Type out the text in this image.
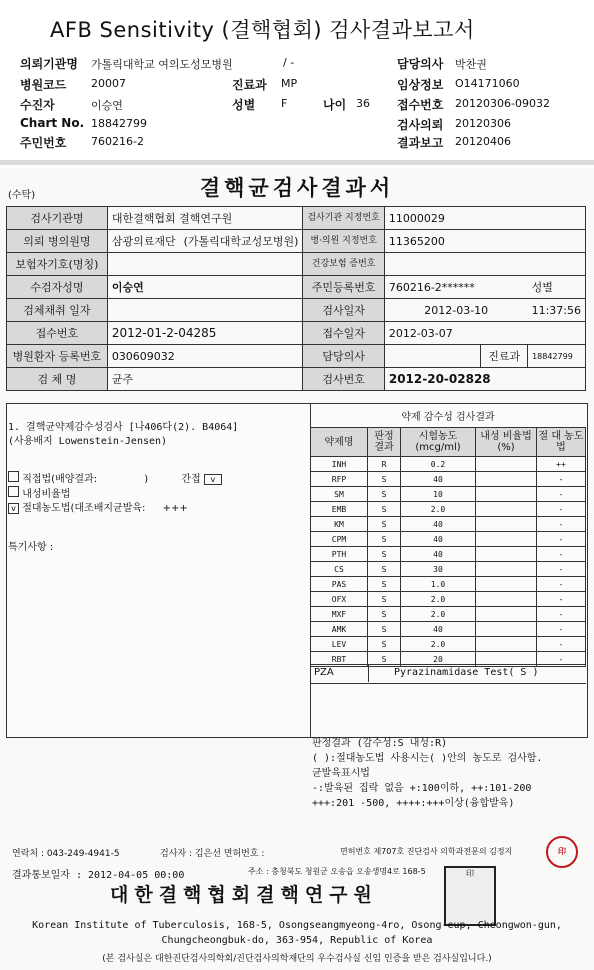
AFB Sensitivity (결핵협회) 검사결과보고서
의뢰기관명 가톨릭대학교 여의도성모병원	/ -	담당의사 박찬권
병원코드 20007	진료과 MP	임상정보 O14171060
수진자	이승연	성별 F	나이 36 접수번호 20120306-09032
Chart No. 18842799	검사의뢰 20120306
주민번호 760216-2	결과보고 20120406
(수탁)	결핵균검사결과서
검사기관명	대한결핵협회 결핵연구원		검사기관 지정번호	11000029		
의뢰 병의원명	삼광의료재단	(가톨릭대학교성모병원)	병·의원 지정번호	11365200		
보험자기호(명칭)			건강보험 증번호			
수검자성명	이승연		주민등록번호	760216-2******		성별
검체채취 일자			검사일자	2012-03-10		11:37:56
접수번호	2012-01-2-04285		접수일자	2012-03-07		
병원환자 등록번호	030609032		담당의사		진료과	18842799
검 체 명	균주		검사번호	2012-20-02828		
1. 결핵균약제감수성검사 [나406다(2). B4064]
(사용배지 Lowenstein-Jensen)
직접법(배양결과:	)	간접 v
내성비율법
v 절대농도법(대조배지균발육: +++
특기사항 :
약제 감수성 검사결과
약제명	판정 결과	시험농도 (mcg/ml)	내성 비율법(%)	절 대 농도법
INH	R	0.2		++
RFP	S	40		-
SM	S	10		-
EMB	S	2.0		-
KM	S	40		-
CPM	S	40		-
PTH	S	40		-
CS	S	30		-
PAS	S	1.0		-
OFX	S	2.0		-
MXF	S	2.0		-
AMK	S	40		-
LEV	S	2.0		-
RBT	S	20		-
PZA	Pyrazinamidase Test( S )
판정결과 (감수성:S 내성:R)
( ):절대농도법 사용시는( )안의 농도로 검사함.
균발육표시법
-:발육된 집락 없음 +:100이하, ++:101-200
+++:201 -500, ++++:+++이상(융합발육)
연락처 : 043-249-4941-5	검사자 : 김은선 면허번호 :	면허번호 제707호 진단검사 의학과전문의 김정지	印
결과통보일자 : 2012-04-05 00:00	주소 : 충청북도 청원군 오송읍 오송생명4로 168-5
대한결핵협회결핵연구원
印
Korean Institute of Tuberculosis, 168-5, Osongseangmyeong-4ro, Osong-eup, Cheongwon-gun,
Chungcheongbuk-do, 363-954, Republic of Korea
(본 검사실은 대한진단검사의학회/진단검사의학재단의 우수검사실 신임 인증을 받은 검사실입니다.)
